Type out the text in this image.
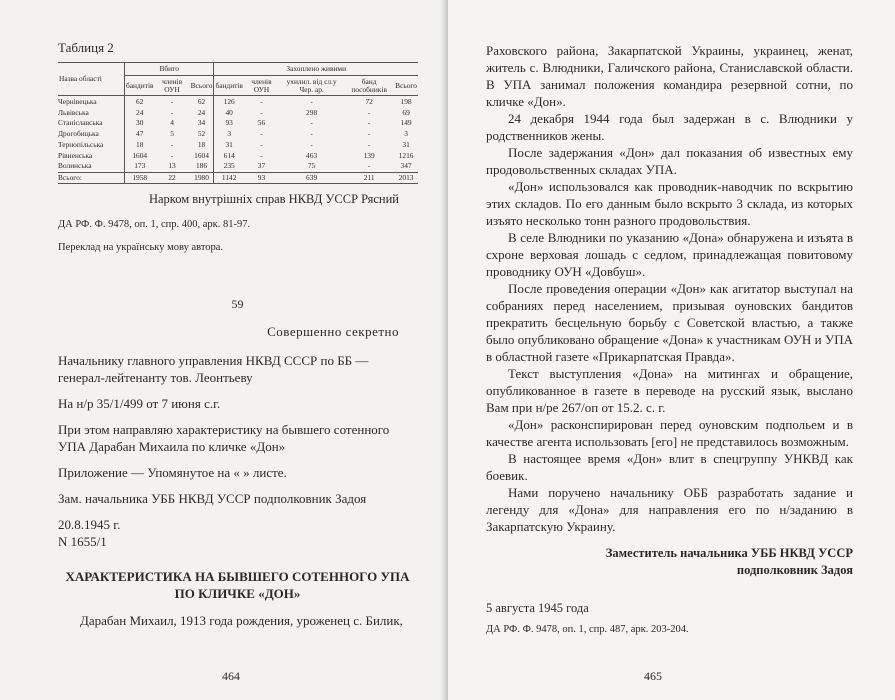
Таблиця 2
Назва області	Вбито			Захоплено живими				
	бандитів	членів ОУН	Всього	бандитів	членів ОУН	ухилил. від сл.у Чер. ар.	банд пособників	Всього
Чернівецька	62	-	62	126	-	-	72	198
Львівська	24	-	24	40	-	298	-	69
Станіславська	30	4	34	93	56	-	-	149
Дрогобицька	47	5	52	3	-	-	-	3
Тернопільська	18	-	18	31	-	-	-	31
Рівненська	1604	-	1604	614	-	463	139	1216
Волинська	173	13	186	235	37	75	-	347
Всього:	1958	22	1980	1142	93	639	211	2013
Нарком внутрішніх справ НКВД УССР Рясний
ДА РФ. Ф. 9478, оп. 1, спр. 400, арк. 81-97.
Переклад на українську мову автора.
59
Совершенно секретно

Начальнику главного управления НКВД СССР по ББ — генерал-лейтенанту тов. Леонтьеву

На н/р 35/1/499 от 7 июня с.г.

При этом направляю характеристику на бывшего сотенного УПА Дарабан Михаила по кличке «Дон»

Приложение — Упомянутое на « » листе.

Зам. начальника УББ НКВД УССР подполковник Задоя

20.8.1945 г.

N 1655/1

ХАРАКТЕРИСТИКА НА БЫВШЕГО СОТЕННОГО УПА ПО КЛИЧКЕ «ДОН»

Дарабан Михаил, 1913 года рождения, уроженец с. Билик,

464

Раховского района, Закарпатской Украины, украинец, женат, житель с. Влюдники, Галичского района, Станиславской области. В УПА занимал положения командира резервной сотни, по кличке «Дон».

24 декабря 1944 года был задержан в с. Влюдники у родственников жены.

После задержания «Дон» дал показания об известных ему продовольственных складах УПА.

«Дон» использовался как проводник-наводчик по вскрытию этих складов. По его данным было вскрыто 3 склада, из которых изъято несколько тонн разного продовольствия.

В селе Влюдники по указанию «Дона» обнаружена и изъята в схроне верховая лошадь с седлом, принадлежащая повитовому проводнику ОУН «Довбуш».

После проведения операции «Дон» как агитатор выступал на собраниях перед населением, призывая оуновских бандитов прекратить бесцельную борьбу с Советской властью, а также было опубликовано обращение «Дона» к участникам ОУН и УПА в областной газете «Прикарпатская Правда».

Текст выступления «Дона» на митингах и обращение, опубликованное в газете в переводе на русский язык, выслано Вам при н/ре 267/оп от 15.2. с. г.

«Дон» расконспирирован перед оуновским подпольем и в качестве агента использовать [его] не представилось возможным.

В настоящее время «Дон» влит в спецгруппу УНКВД как боевик.

Нами поручено начальнику ОББ разработать задание и легенду для «Дона» для направления его по н/заданию в Закарпатскую Украину.

Заместитель начальника УББ НКВД УССР
подполковник Задоя
5 августа 1945 года
ДА РФ. Ф. 9478, оп. 1, спр. 487, арк. 203-204.
465
